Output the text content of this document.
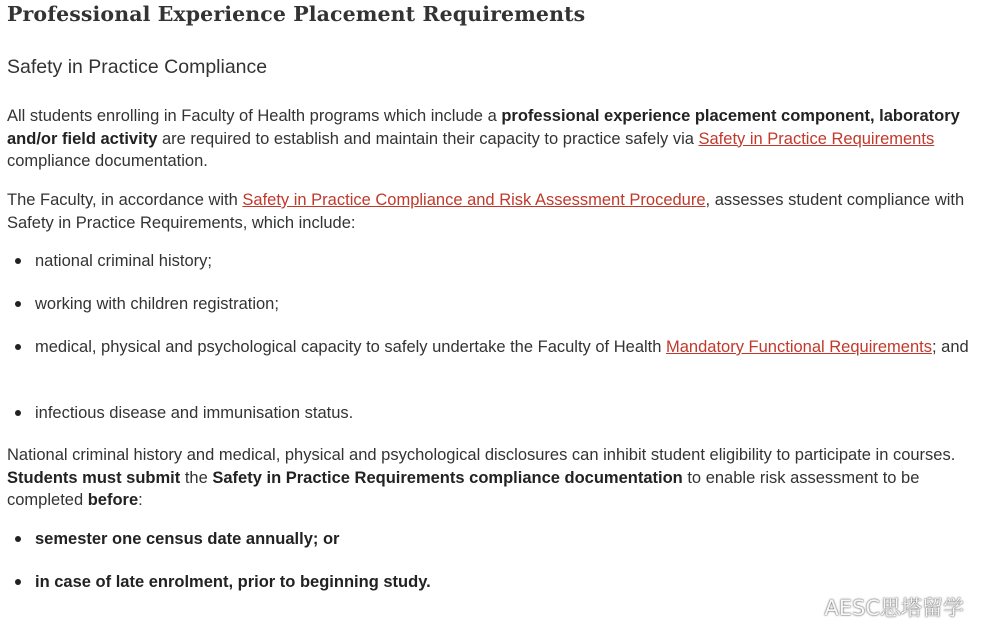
Professional Experience Placement Requirements
Safety in Practice Compliance

All students enrolling in Faculty of Health programs which include a professional experience placement component, laboratory and/or field activity are required to establish and maintain their capacity to practice safely via Safety in Practice Requirements compliance documentation.

The Faculty, in accordance with Safety in Practice Compliance and Risk Assessment Procedure, assesses student compliance with Safety in Practice Requirements, which include:

national criminal history;
working with children registration;
medical, physical and psychological capacity to safely undertake the Faculty of Health Mandatory Functional Requirements; and
infectious disease and immunisation status.

National criminal history and medical, physical and psychological disclosures can inhibit student eligibility to participate in courses. Students must submit the Safety in Practice Requirements compliance documentation to enable risk assessment to be completed before:

semester one census date annually; or
in case of late enrolment, prior to beginning study.
AESC思塔留学
